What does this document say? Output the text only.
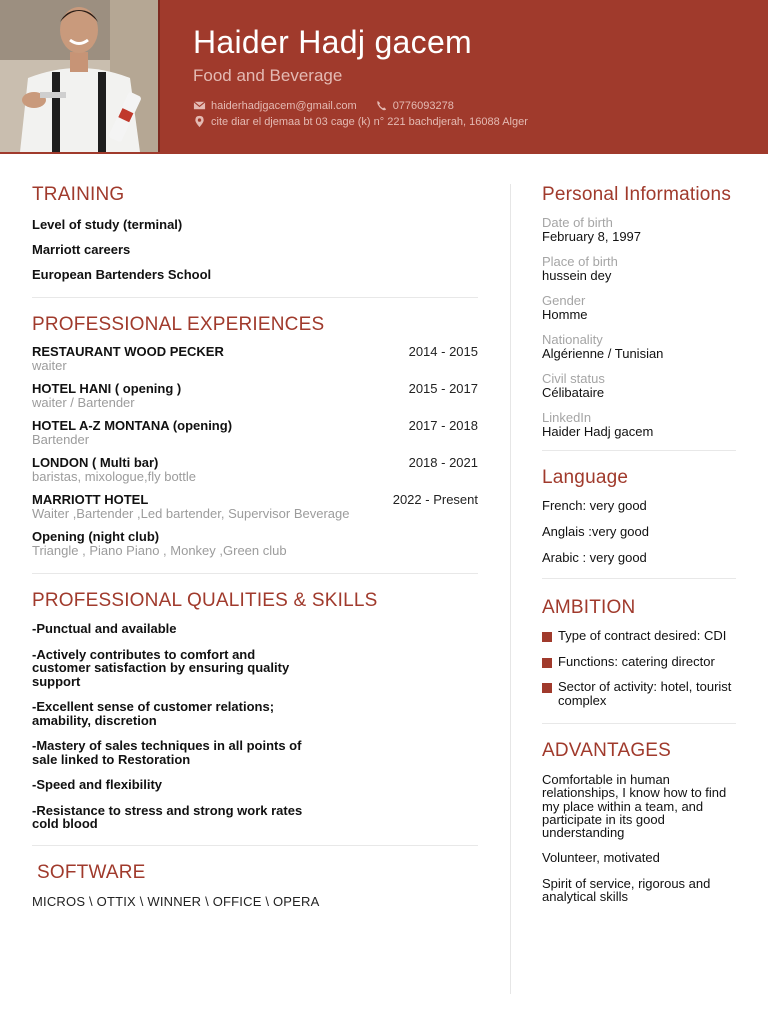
Haider Hadj gacem
Food and Beverage
haiderhadjgacem@gmail.com	0776093278
cite diar el djemaa bt 03 cage (k) n° 221 bachdjerah, 16088 Alger
TRAINING
Level of study (terminal)
Marriott careers
European Bartenders School
PROFESSIONAL EXPERIENCES
RESTAURANT WOOD PECKER	2014 - 2015
waiter
HOTEL HANI ( opening )	2015 - 2017
waiter / Bartender
HOTEL A-Z MONTANA (opening)	2017 - 2018
Bartender
LONDON ( Multi bar)	2018 - 2021
baristas, mixologue,fly bottle
MARRIOTT HOTEL	2022 - Present
Waiter ,Bartender ,Led bartender, Supervisor Beverage
Opening (night club)
Triangle , Piano Piano , Monkey ,Green club
PROFESSIONAL QUALITIES & SKILLS
-Punctual and available
-Actively contributes to comfort and customer satisfaction by ensuring quality support
-Excellent sense of customer relations; amability, discretion
-Mastery of sales techniques in all points of sale linked to Restoration
-Speed and flexibility
-Resistance to stress and strong work rates cold blood
SOFTWARE
MICROS \ OTTIX \ WINNER \ OFFICE \ OPERA
Personal Informations
Date of birth
February 8, 1997
Place of birth
hussein dey
Gender
Homme
Nationality
Algérienne / Tunisian
Civil status
Célibataire
LinkedIn
Haider Hadj gacem
Language
French: very good
Anglais :very good
Arabic : very good
AMBITION
Type of contract desired: CDI
Functions: catering director
Sector of activity: hotel, tourist complex
ADVANTAGES
Comfortable in human relationships, I know how to find my place within a team, and participate in its good understanding
Volunteer, motivated
Spirit of service, rigorous and analytical skills
